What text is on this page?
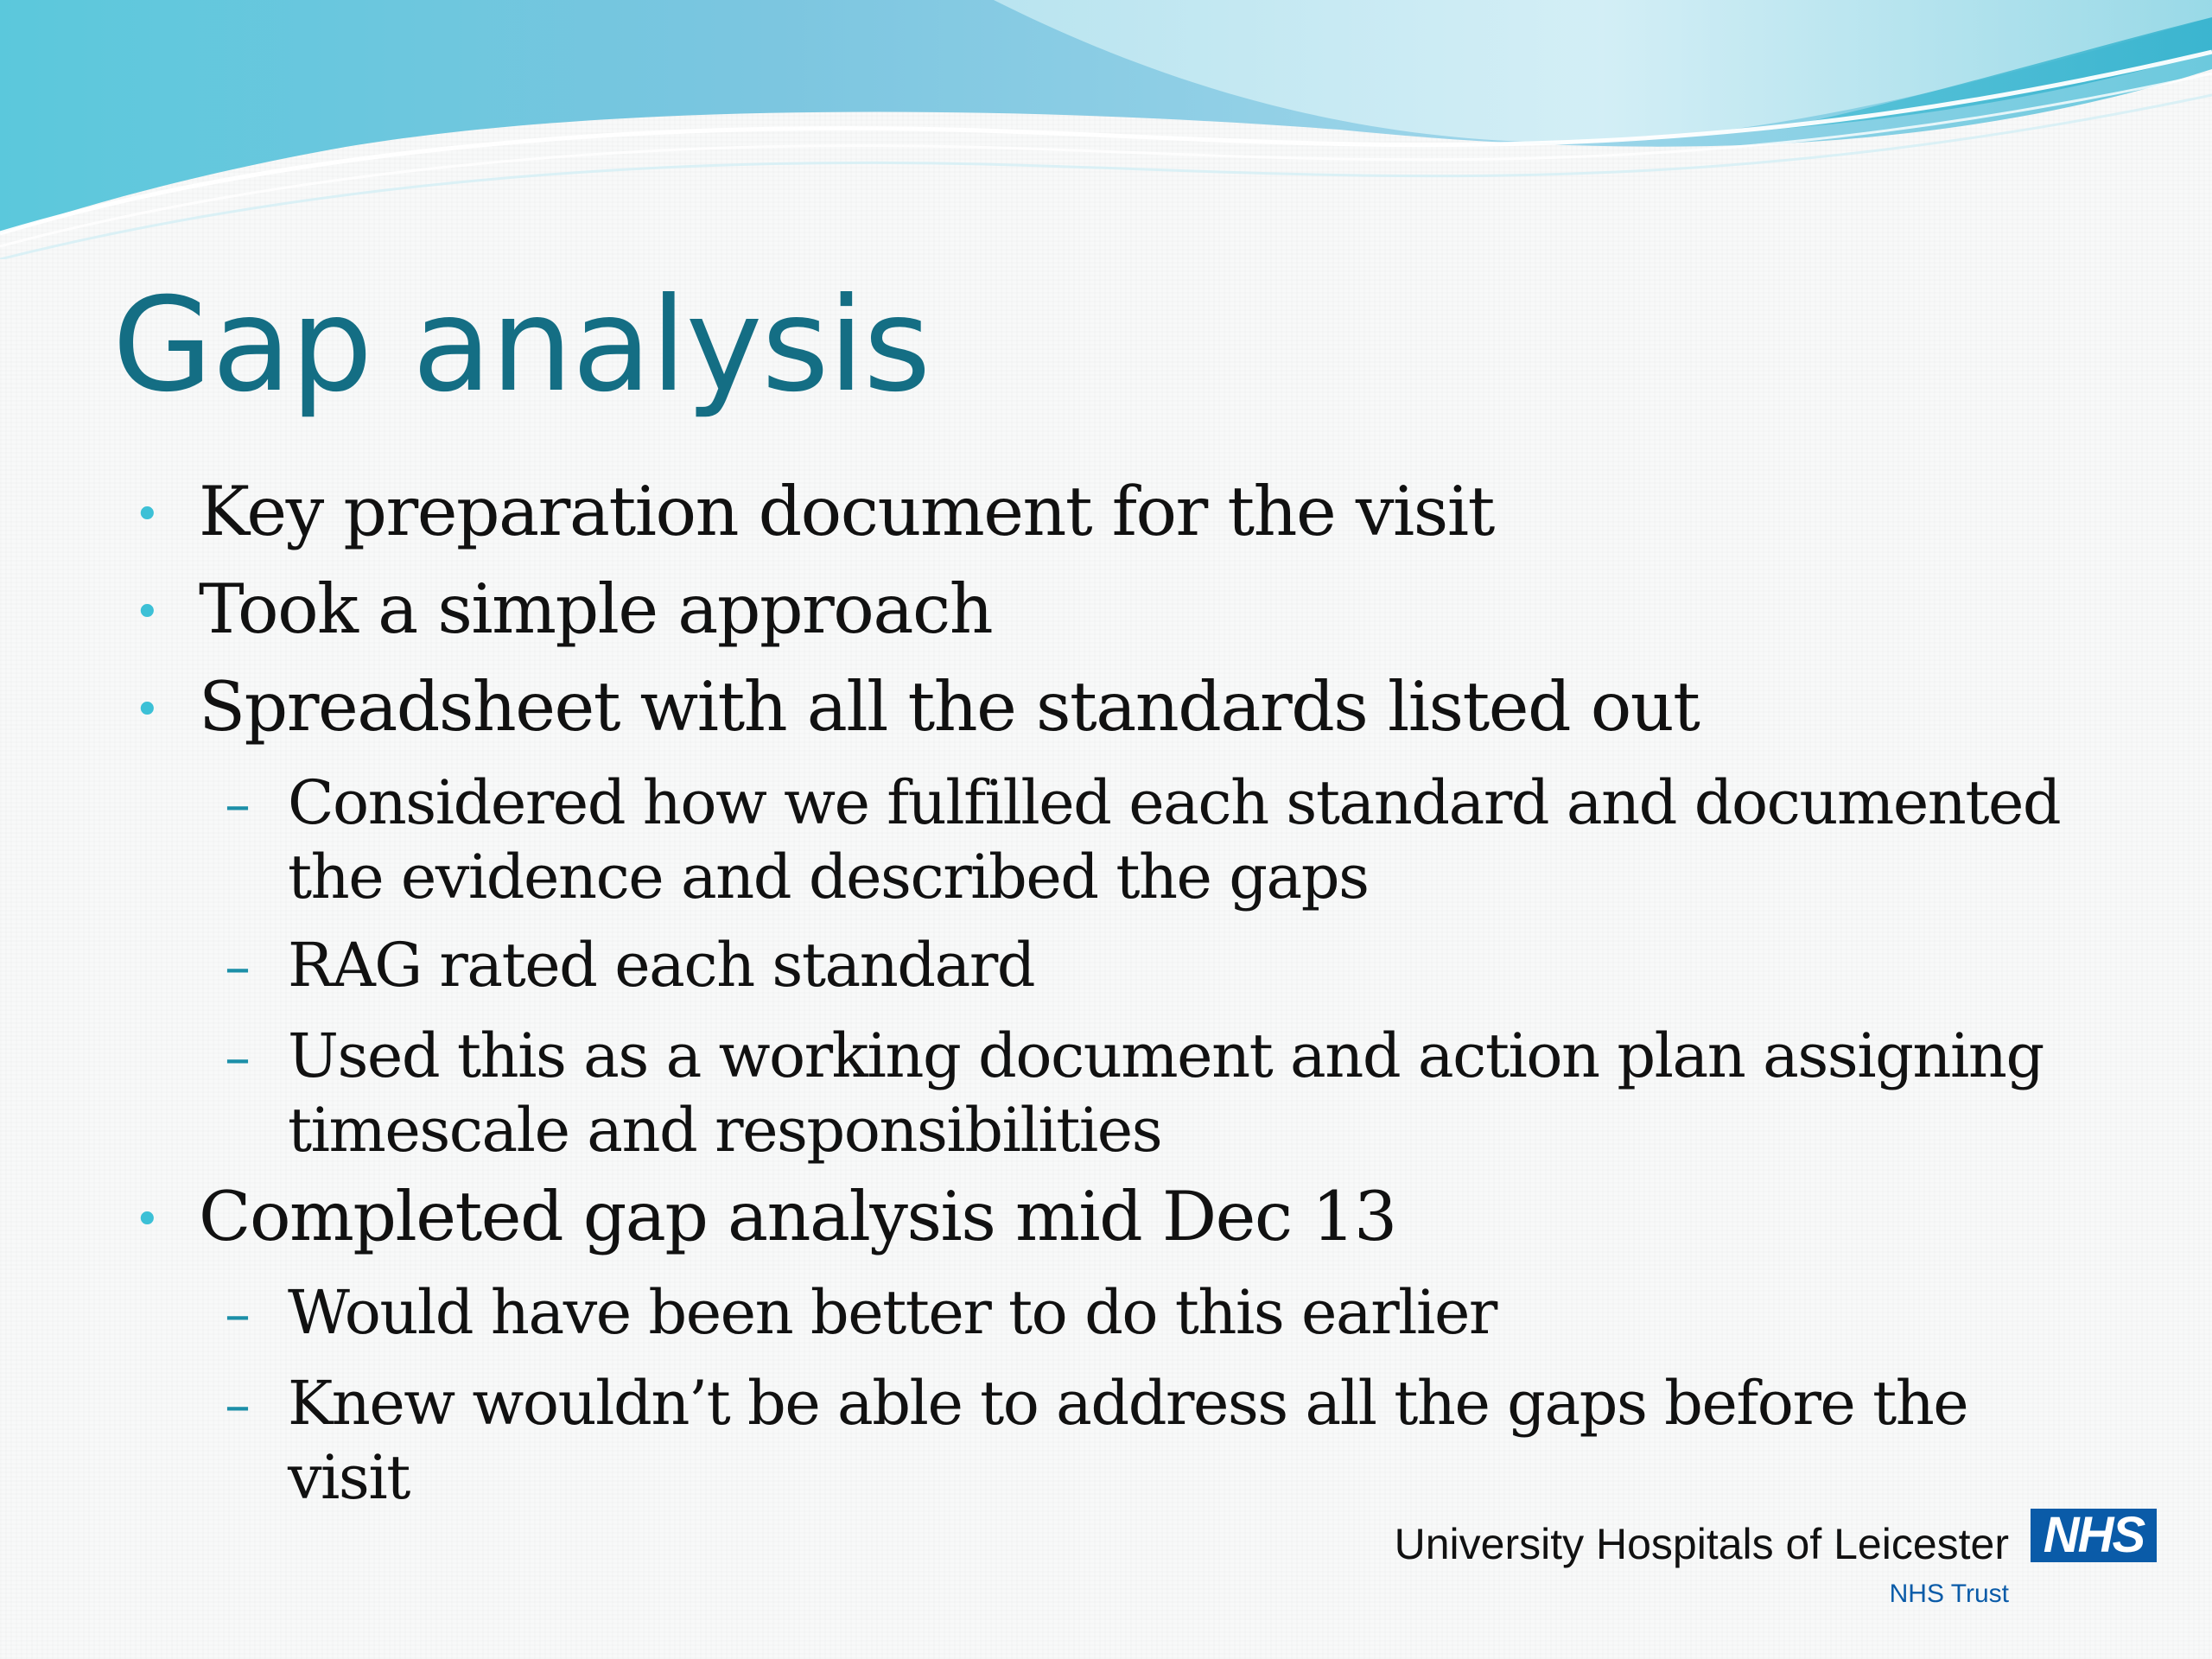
Gap analysis
• Key preparation document for the visit
• Took a simple approach
• Spreadsheet with all the standards listed out
– Considered how we fulfilled each standard and documented the evidence and described the gaps
– RAG rated each standard
– Used this as a working document and action plan assigning timescale and responsibilities
• Completed gap analysis mid Dec 13
– Would have been better to do this earlier
– Knew wouldn’t be able to address all the gaps before the visit
University Hospitals of Leicester NHS
NHS Trust
